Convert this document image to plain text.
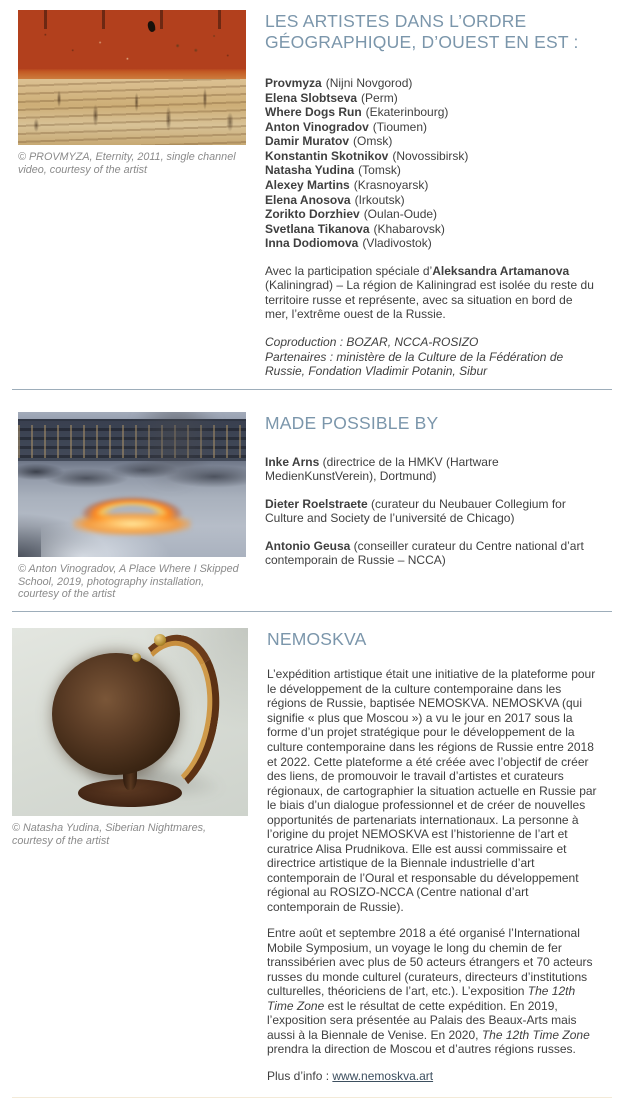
© PROVMYZA, Eternity, 2011, single channel video, courtesy of the artist

LES ARTISTES DANS L’ORDRE GÉOGRAPHIQUE, D’OUEST EN EST :
Provmyza (Nijni Novgorod)
Elena Slobtseva (Perm)
Where Dogs Run (Ekaterinbourg)
Anton Vinogradov (Tioumen)
Damir Muratov (Omsk)
Konstantin Skotnikov (Novossibirsk)
Natasha Yudina (Tomsk)
Alexey Martins (Krasnoyarsk)
Elena Anosova (Irkoutsk)
Zorikto Dorzhiev (Oulan-Oude)
Svetlana Tikanova (Khabarovsk)
Inna Dodiomova (Vladivostok)

Avec la participation spéciale d’Aleksandra Artamanova (Kaliningrad) – La région de Kaliningrad est isolée du reste du territoire russe et représente, avec sa situation en bord de mer, l’extrême ouest de la Russie.

Coproduction : BOZAR, NCCA-ROSIZO
Partenaires : ministère de la Culture de la Fédération de Russie, Fondation Vladimir Potanin, Sibur

© Anton Vinogradov, A Place Where I Skipped School, 2019, photography installation, courtesy of the artist

MADE POSSIBLE BY

Inke Arns (directrice de la HMKV (Hartware MedienKunstVerein), Dortmund)

Dieter Roelstraete (curateur du Neubauer Collegium for Culture and Society de l’université de Chicago)

Antonio Geusa (conseiller curateur du Centre national d’art contemporain de Russie – NCCA)

© Natasha Yudina, Siberian Nightmares, courtesy of the artist

NEMOSKVA

L’expédition artistique était une initiative de la plateforme pour le développement de la culture contemporaine dans les régions de Russie, baptisée NEMOSKVA. NEMOSKVA (qui signifie « plus que Moscou ») a vu le jour en 2017 sous la forme d’un projet stratégique pour le développement de la culture contemporaine dans les régions de Russie entre 2018 et 2022. Cette plateforme a été créée avec l’objectif de créer des liens, de promouvoir le travail d’artistes et curateurs régionaux, de cartographier la situation actuelle en Russie par le biais d’un dialogue professionnel et de créer de nouvelles opportunités de partenariats internationaux. La personne à l’origine du projet NEMOSKVA est l’historienne de l’art et curatrice Alisa Prudnikova. Elle est aussi commissaire et directrice artistique de la Biennale industrielle d’art contemporain de l’Oural et responsable du développement régional au ROSIZO-NCCA (Centre national d’art contemporain de Russie).

Entre août et septembre 2018 a été organisé l’International Mobile Symposium, un voyage le long du chemin de fer transsibérien avec plus de 50 acteurs étrangers et 70 acteurs russes du monde culturel (curateurs, directeurs d’institutions culturelles, théoriciens de l’art, etc.). L’exposition The 12th Time Zone est le résultat de cette expédition. En 2019, l’exposition sera présentée au Palais des Beaux-Arts mais aussi à la Biennale de Venise. En 2020, The 12th Time Zone prendra la direction de Moscou et d’autres régions russes.

Plus d’info : www.nemoskva.art
